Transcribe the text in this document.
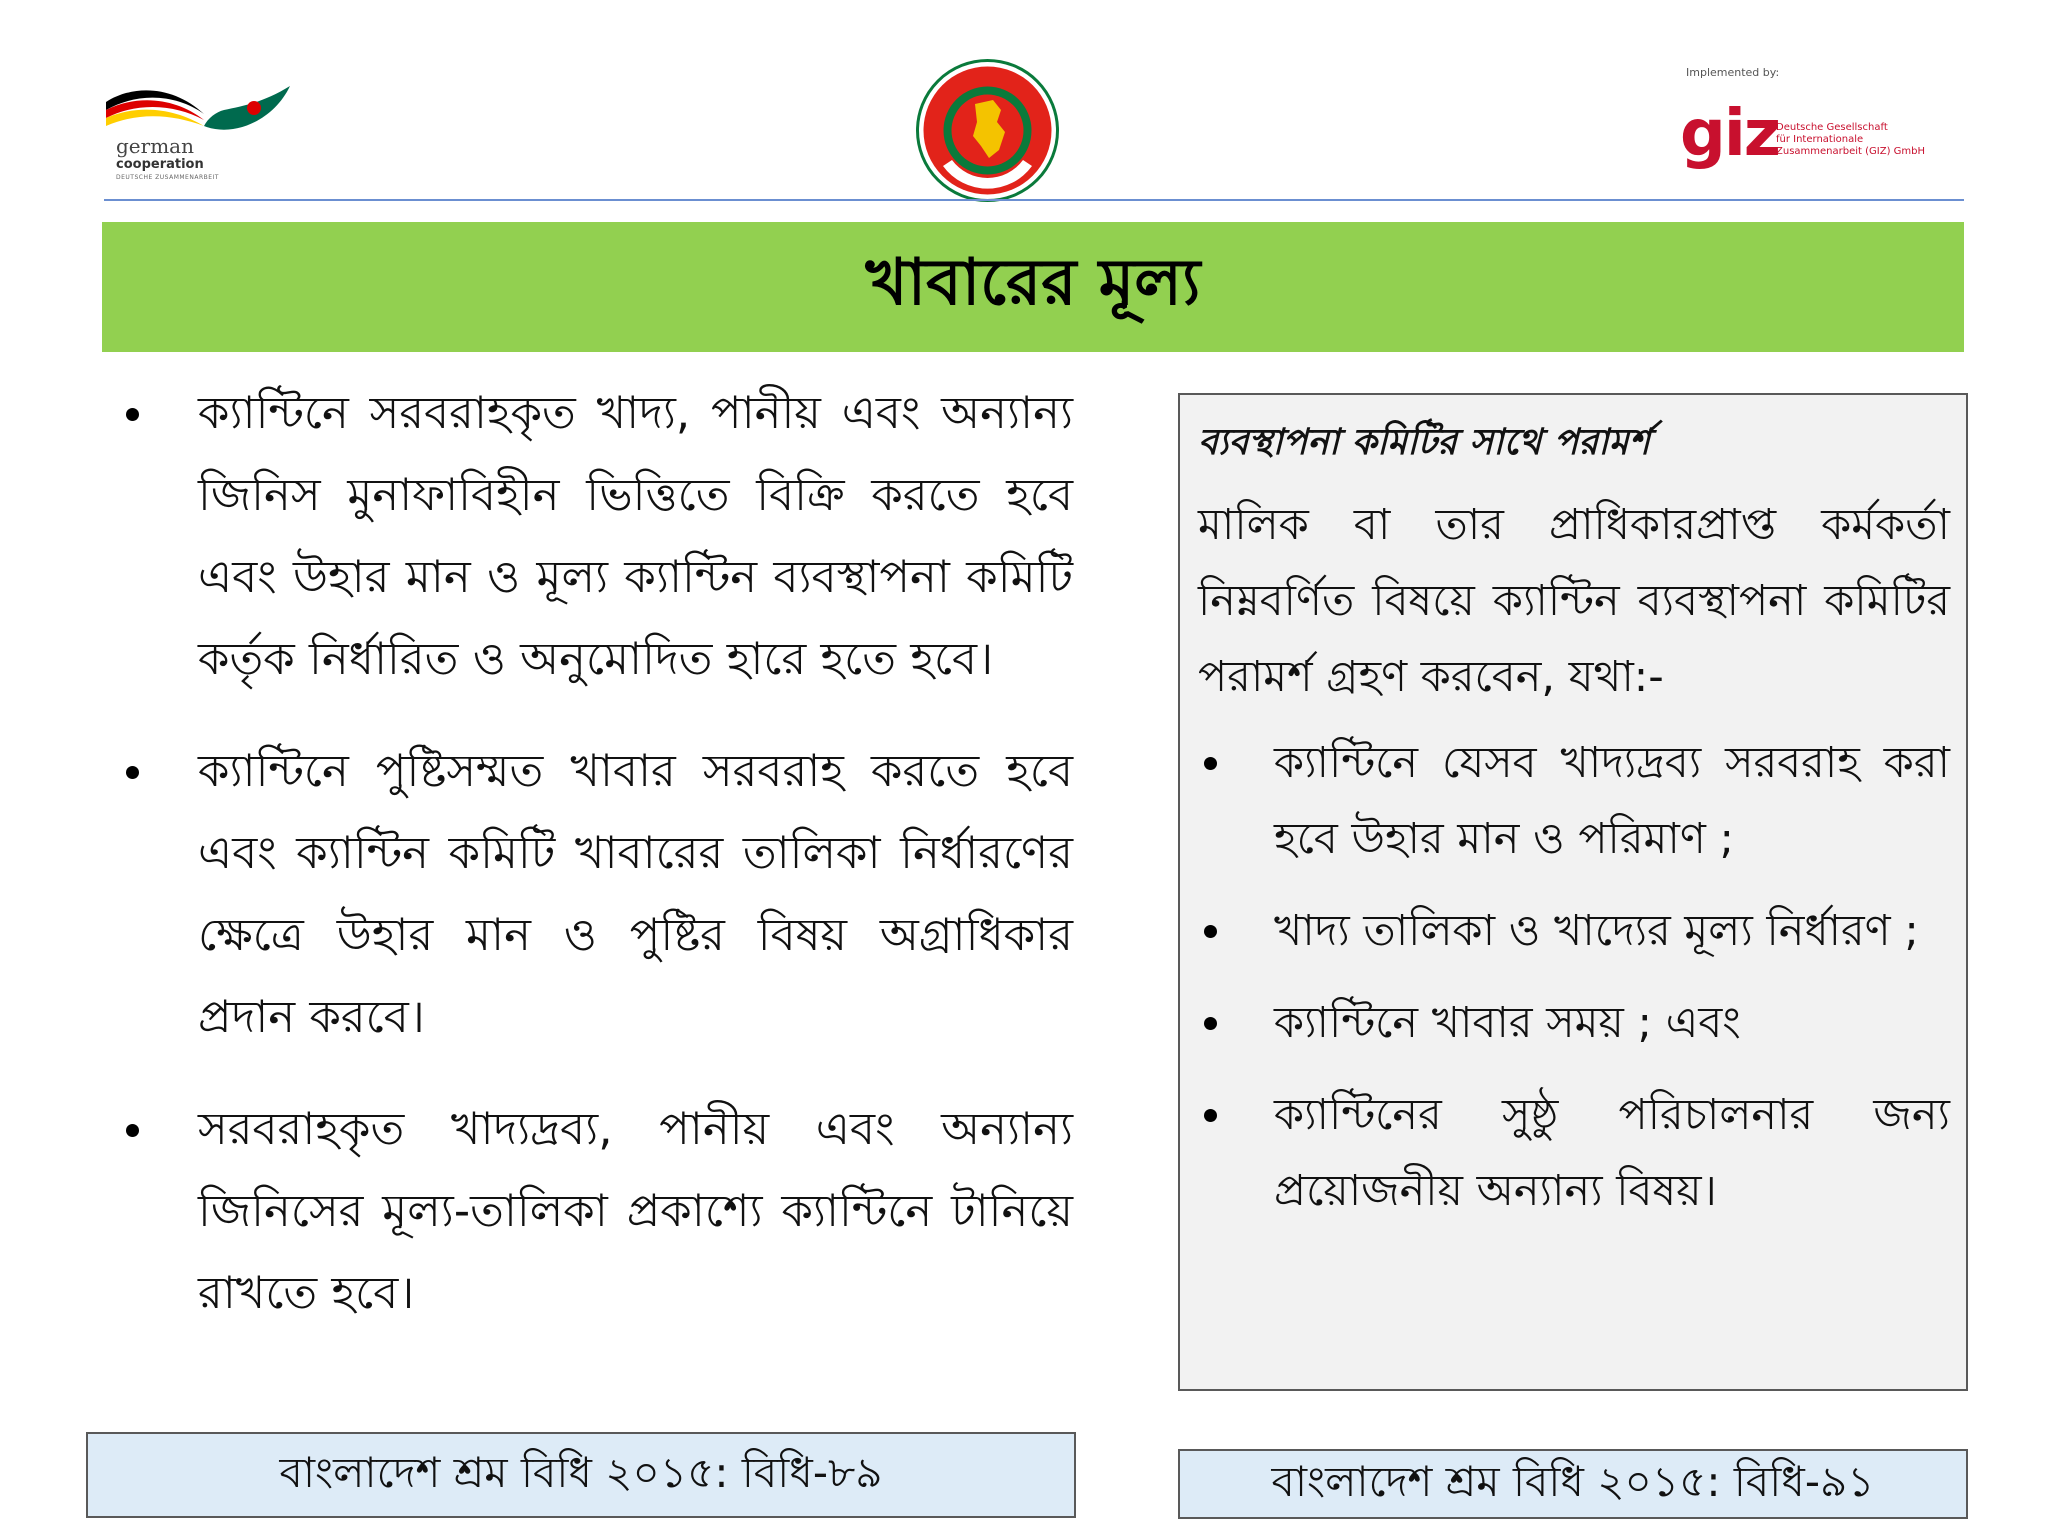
german
cooperation
DEUTSCHE ZUSAMMENARBEIT
Implemented by:
giz
Deutsche Gesellschaft
für Internationale
Zusammenarbeit (GIZ) GmbH
খাবারের মূল্য
ক্যান্টিনে সরবরাহকৃত খাদ্য, পানীয় এবং অন্যান্য জিনিস মুনাফাবিহীন ভিত্তিতে বিক্রি করতে হবে এবং উহার মান ও মূল্য ক্যান্টিন ব্যবস্থাপনা কমিটি কর্তৃক নির্ধারিত ও অনুমোদিত হারে হতে হবে।
ক্যান্টিনে পুষ্টিসম্মত খাবার সরবরাহ করতে হবে এবং ক্যান্টিন কমিটি খাবারের তালিকা নির্ধারণের ক্ষেত্রে উহার মান ও পুষ্টির বিষয় অগ্রাধিকার প্রদান করবে।
সরবরাহকৃত খাদ্যদ্রব্য, পানীয় এবং অন্যান্য জিনিসের মূল্য-তালিকা প্রকাশ্যে ক্যান্টিনে টানিয়ে রাখতে হবে।
ব্যবস্থাপনা কমিটির সাথে পরামর্শ
মালিক বা তার প্রাধিকারপ্রাপ্ত কর্মকর্তা নিম্নবর্ণিত বিষয়ে ক্যান্টিন ব্যবস্থাপনা কমিটির পরামর্শ গ্রহণ করবেন, যথা:-
ক্যান্টিনে যেসব খাদ্যদ্রব্য সরবরাহ করা হবে উহার মান ও পরিমাণ ;
খাদ্য তালিকা ও খাদ্যের মূল্য নির্ধারণ ;
ক্যান্টিনে খাবার সময় ; এবং
ক্যান্টিনের সুষ্ঠু পরিচালনার জন্য প্রয়োজনীয় অন্যান্য বিষয়।
বাংলাদেশ শ্রম বিধি ২০১৫: বিধি-৮৯	বাংলাদেশ শ্রম বিধি ২০১৫: বিধি-৯১
